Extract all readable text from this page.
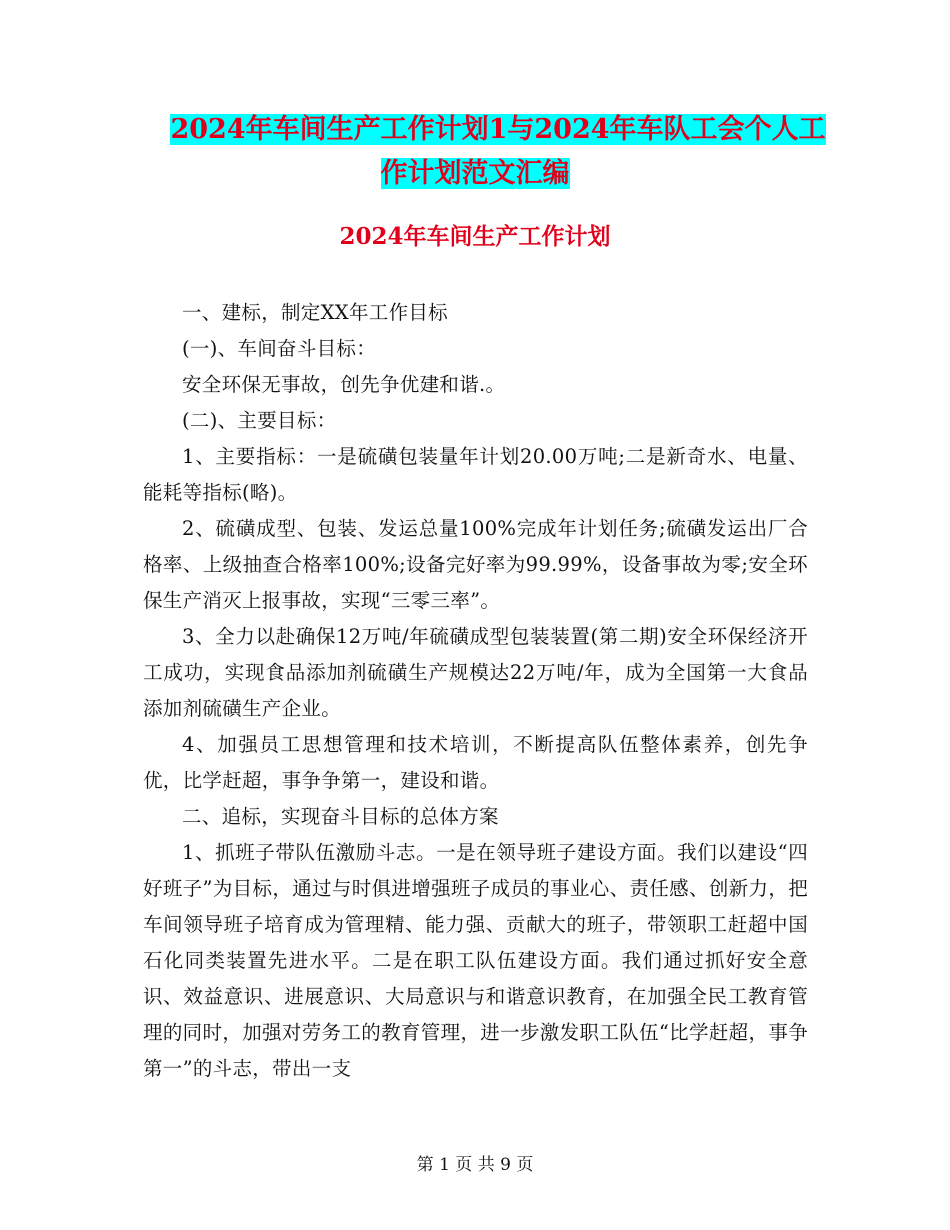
2024年车间生产工作计划1与2024年车队工会个人工
作计划范文汇编
2024年车间生产工作计划

一、建标，制定XX年工作目标

(一)、车间奋斗目标：

安全环保无事故，创先争优建和谐.。

(二)、主要目标：

1、主要指标：一是硫磺包装量年计划20.00万吨;二是新奇水、电量、能耗等指标(略)。

2、硫磺成型、包装、发运总量100%完成年计划任务;硫磺发运出厂合格率、上级抽查合格率100%;设备完好率为99.99%，设备事故为零;安全环保生产消灭上报事故，实现“三零三率”。

3、全力以赴确保12万吨/年硫磺成型包装装置(第二期)安全环保经济开工成功，实现食品添加剂硫磺生产规模达22万吨/年，成为全国第一大食品添加剂硫磺生产企业。

4、加强员工思想管理和技术培训，不断提高队伍整体素养，创先争优，比学赶超，事争争第一，建设和谐。

二、追标，实现奋斗目标的总体方案

1、抓班子带队伍激励斗志。一是在领导班子建设方面。我们以建设“四好班子”为目标，通过与时俱进增强班子成员的事业心、责任感、创新力，把车间领导班子培育成为管理精、能力强、贡献大的班子，带领职工赶超中国石化同类装置先进水平。二是在职工队伍建设方面。我们通过抓好安全意识、效益意识、进展意识、大局意识与和谐意识教育，在加强全民工教育管理的同时，加强对劳务工的教育管理，进一步激发职工队伍“比学赶超，事争第一”的斗志，带出一支

第 1 页 共 9 页
